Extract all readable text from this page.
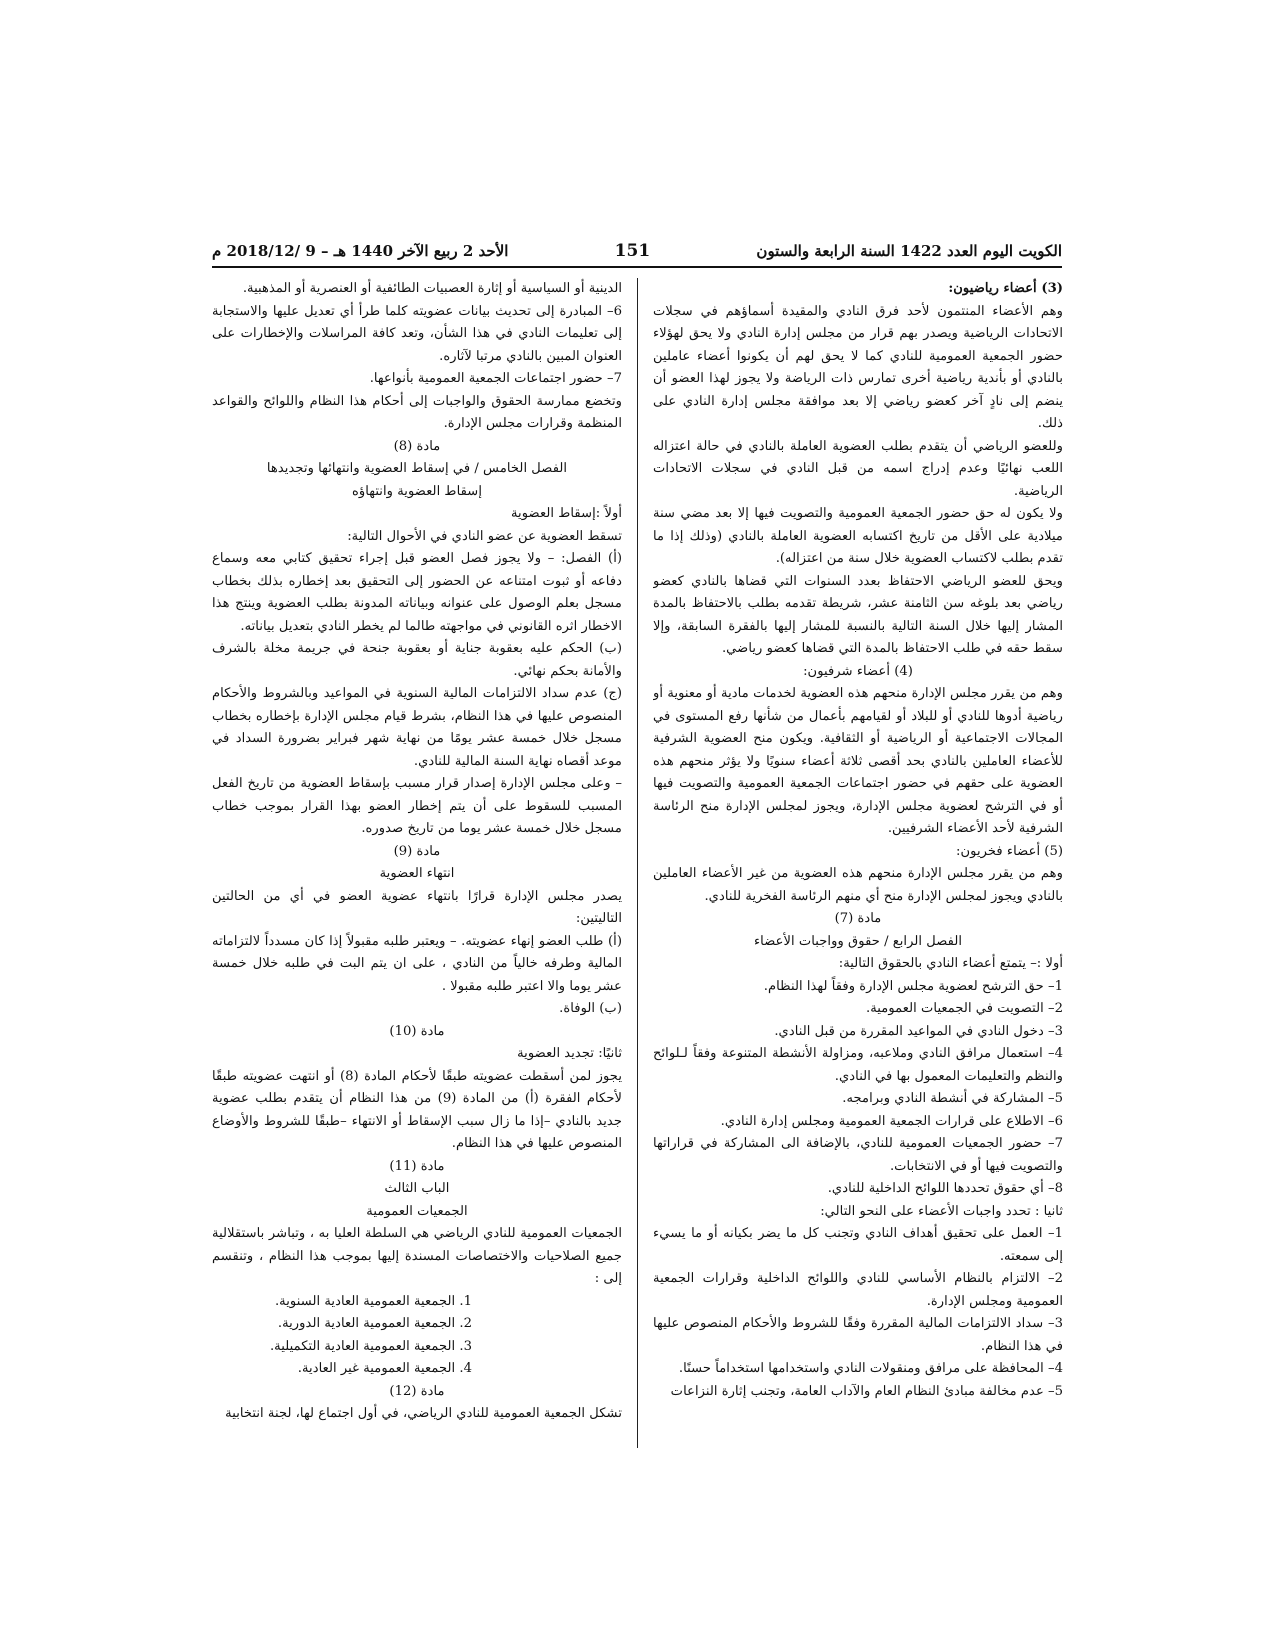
الكويت اليوم العدد 1422 السنة الرابعة والستون
151
الأحد 2 ربيع الآخر 1440 هـ – 9 /2018/12 م

(3) أعضاء رياضيون:

وهم الأعضاء المنتمون لأحد فرق النادي والمقيدة أسماؤهم في سجلات الاتحادات الرياضية ويصدر بهم قرار من مجلس إدارة النادي ولا يحق لهؤلاء حضور الجمعية العمومية للنادي كما لا يحق لهم أن يكونوا أعضاء عاملين بالنادي أو بأندية رياضية أخرى تمارس ذات الرياضة ولا يجوز لهذا العضو أن ينضم إلى نادٍ آخر كعضو رياضي إلا بعد موافقة مجلس إدارة النادي على ذلك.

وللعضو الرياضي أن يتقدم بطلب العضوية العاملة بالنادي في حالة اعتزاله اللعب نهائيًا وعدم إدراج اسمه من قبل النادي في سجلات الاتحادات الرياضية.

ولا يكون له حق حضور الجمعية العمومية والتصويت فيها إلا بعد مضي سنة ميلادية على الأقل من تاريخ اكتسابه العضوية العاملة بالنادي (وذلك إذا ما تقدم بطلب لاكتساب العضوية خلال سنة من اعتزاله).

ويحق للعضو الرياضي الاحتفاظ بعدد السنوات التي قضاها بالنادي كعضو رياضي بعد بلوغه سن الثامنة عشر، شريطة تقدمه بطلب بالاحتفاظ بالمدة المشار إليها خلال السنة التالية بالنسبة للمشار إليها بالفقرة السابقة، وإلا سقط حقه في طلب الاحتفاظ بالمدة التي قضاها كعضو رياضي.

(4) أعضاء شرفيون:

وهم من يقرر مجلس الإدارة منحهم هذه العضوية لخدمات مادية أو معنوية أو رياضية أدوها للنادي أو للبلاد أو لقيامهم بأعمال من شأنها رفع المستوى في المجالات الاجتماعية أو الرياضية أو الثقافية. ويكون منح العضوية الشرفية للأعضاء العاملين بالنادي بحد أقصى ثلاثة أعضاء سنويًا ولا يؤثر منحهم هذه العضوية على حقهم في حضور اجتماعات الجمعية العمومية والتصويت فيها أو في الترشح لعضوية مجلس الإدارة، ويجوز لمجلس الإدارة منح الرئاسة الشرفية لأحد الأعضاء الشرفيين.

(5) أعضاء فخريون:

وهم من يقرر مجلس الإدارة منحهم هذه العضوية من غير الأعضاء العاملين بالنادي ويجوز لمجلس الإدارة منح أي منهم الرئاسة الفخرية للنادي.

مادة (7)

الفصل الرابع / حقوق وواجبات الأعضاء

أولا :– يتمتع أعضاء النادي بالحقوق التالية:

1– حق الترشح لعضوية مجلس الإدارة وفقاً لهذا النظام.

2– التصويت في الجمعيات العمومية.

3– دخول النادي في المواعيد المقررة من قبل النادي.

4– استعمال مرافق النادي وملاعبه، ومزاولة الأنشطة المتنوعة وفقاً لـلوائح والنظم والتعليمات المعمول بها في النادي.

5– المشاركة في أنشطة النادي وبرامجه.

6– الاطلاع على قرارات الجمعية العمومية ومجلس إدارة النادي.

7– حضور الجمعيات العمومية للنادي، بالإضافة الى المشاركة في قراراتها والتصويت فيها أو في الانتخابات.

8– أي حقوق تحددها اللوائح الداخلية للنادي.

ثانيا : تحدد واجبات الأعضاء على النحو التالي:

1– العمل على تحقيق أهداف النادي وتجنب كل ما يضر بكيانه أو ما يسيء إلى سمعته.

2– الالتزام بالنظام الأساسي للنادي واللوائح الداخلية وقرارات الجمعية العمومية ومجلس الإدارة.

3– سداد الالتزامات المالية المقررة وفقًا للشروط والأحكام المنصوص عليها في هذا النظام.

4– المحافظة على مرافق ومنقولات النادي واستخدامها استخداماً حسنًا.

5– عدم مخالفة مبادئ النظام العام والآداب العامة، وتجنب إثارة النزاعات

الدينية أو السياسية أو إثارة العصبيات الطائفية أو العنصرية أو المذهبية.

6– المبادرة إلى تحديث بيانات عضويته كلما طرأ أي تعديل عليها والاستجابة إلى تعليمات النادي في هذا الشأن، وتعد كافة المراسلات والإخطارات على العنوان المبين بالنادي مرتبا لآثاره.

7– حضور اجتماعات الجمعية العمومية بأنواعها.

وتخضع ممارسة الحقوق والواجبات إلى أحكام هذا النظام واللوائح والقواعد المنظمة وقرارات مجلس الإدارة.

مادة (8)

الفصل الخامس / في إسقاط العضوية وانتهائها وتجديدها

إسقاط العضوية وانتهاؤه

أولاً :إسقاط العضوية

تسقط العضوية عن عضو النادي في الأحوال التالية:

(أ) الفصل: – ولا يجوز فصل العضو قبل إجراء تحقيق كتابي معه وسماع دفاعه أو ثبوت امتناعه عن الحضور إلى التحقيق بعد إخطاره بذلك بخطاب مسجل بعلم الوصول على عنوانه وبياناته المدونة بطلب العضوية وينتج هذا الاخطار اثره القانوني في مواجهته طالما لم يخطر النادي بتعديل بياناته.

(ب) الحكم عليه بعقوبة جناية أو بعقوبة جنحة في جريمة مخلة بالشرف والأمانة بحكم نهائي.

(ج) عدم سداد الالتزامات المالية السنوية في المواعيد وبالشروط والأحكام المنصوص عليها في هذا النظام، بشرط قيام مجلس الإدارة بإخطاره بخطاب مسجل خلال خمسة عشر يومًا من نهاية شهر فبراير بضرورة السداد في موعد أقصاه نهاية السنة المالية للنادي.

– وعلى مجلس الإدارة إصدار قرار مسبب بإسقاط العضوية من تاريخ الفعل المسبب للسقوط على أن يتم إخطار العضو بهذا القرار بموجب خطاب مسجل خلال خمسة عشر يوما من تاريخ صدوره.

مادة (9)

انتهاء العضوية

يصدر مجلس الإدارة قرارًا بانتهاء عضوية العضو في أي من الحالتين التاليتين:

(أ) طلب العضو إنهاء عضويته. – ويعتبر طلبه مقبولاً إذا كان مسدداً لالتزاماته المالية وطرفه خالياً من النادي ، على ان يتم البت في طلبه خلال خمسة عشر يوما والا اعتبر طلبه مقبولا .

(ب) الوفاة.

مادة (10)

ثانيًا: تجديد العضوية

يجوز لمن أسقطت عضويته طبقًا لأحكام المادة (8) أو انتهت عضويته طبقًا لأحكام الفقرة (أ) من المادة (9) من هذا النظام أن يتقدم بطلب عضوية جديد بالنادي –إذا ما زال سبب الإسقاط أو الانتهاء –طبقًا للشروط والأوضاع المنصوص عليها في هذا النظام.

مادة (11)

الباب الثالث

الجمعيات العمومية

الجمعيات العمومية للنادي الرياضي هي السلطة العليا به ، وتباشر باستقلالية جميع الصلاحيات والاختصاصات المسندة إليها بموجب هذا النظام ، وتنقسم إلى :

1. الجمعية العمومية العادية السنوية.

2. الجمعية العمومية العادية الدورية.

3. الجمعية العمومية العادية التكميلية.

4. الجمعية العمومية غير العادية.

مادة (12)

تشكل الجمعية العمومية للنادي الرياضي، في أول اجتماع لها، لجنة انتخابية
